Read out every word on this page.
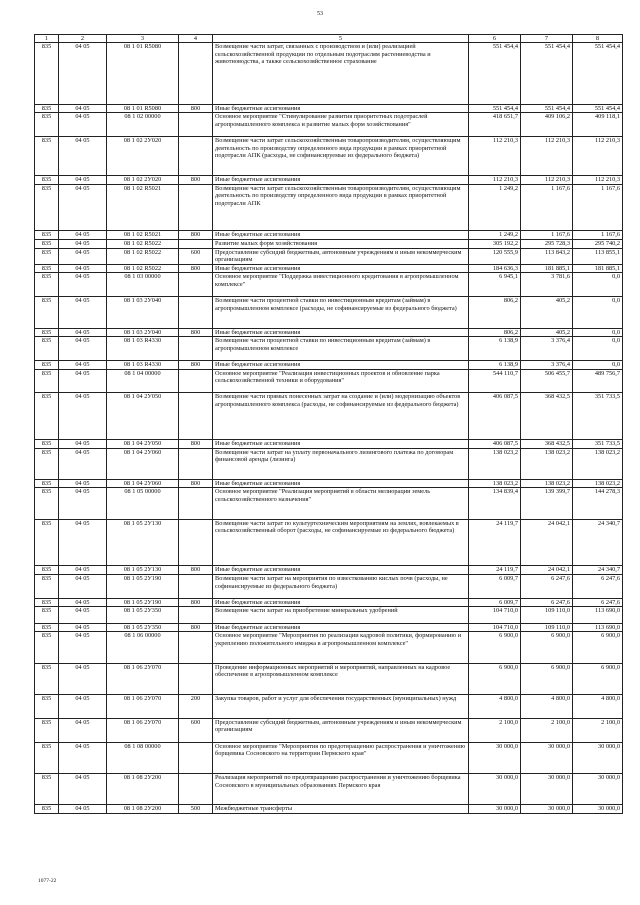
53
1	2	3	4	5	6	7	8
835	04 05	08 1 01 R5080		Возмещение части затрат, связанных с производством и (или) реализацией сельскохозяйственной продукции по отдельным подотраслям растениеводства и животноводства, а также сельскохозяйственное страхование	551 454,4	551 454,4	551 454,4
835	04 05	08 1 01 R5080	800	Иные бюджетные ассигнования	551 454,4	551 454,4	551 454,4
835	04 05	08 1 02 00000		Основное мероприятие "Стимулирование развития приоритетных подотраслей агропромышленного комплекса и развитие малых форм хозяйствования"	418 651,7	409 106,2	409 118,1
835	04 05	08 1 02 2У020		Возмещение части затрат сельскохозяйственным товаропроизводителям, осуществляющим деятельность по производству определенного вида продукции в рамках приоритетной подотрасли АПК (расходы, не софинансируемые из федерального бюджета)	112 210,3	112 210,3	112 210,3
835	04 05	08 1 02 2У020	800	Иные бюджетные ассигнования	112 210,3	112 210,3	112 210,3
835	04 05	08 1 02 R5021		Возмещение части затрат сельскохозяйственным товаропроизводителям, осуществляющим деятельность по производству определенного вида продукции в рамках приоритетной подотрасли АПК	1 249,2	1 167,6	1 167,6
835	04 05	08 1 02 R5021	800	Иные бюджетные ассигнования	1 249,2	1 167,6	1 167,6
835	04 05	08 1 02 R5022		Развитие малых форм хозяйствования	305 192,2	295 728,3	295 740,2
835	04 05	08 1 02 R5022	600	Предоставление субсидий бюджетным, автономным учреждениям и иным некоммерческим организациям	120 555,9	113 843,2	113 855,1
835	04 05	08 1 02 R5022	800	Иные бюджетные ассигнования	184 636,3	181 885,1	181 885,1
835	04 05	08 1 03 00000		Основное мероприятие "Поддержка инвестиционного кредитования в агропромышленном комплексе"	6 945,1	3 781,6	0,0
835	04 05	08 1 03 2У040		Возмещение части процентной ставки по инвестиционным кредитам (займам) в агропромышленном комплексе (расходы, не софинансируемые из федерального бюджета)	806,2	405,2	0,0
835	04 05	08 1 03 2У040	800	Иные бюджетные ассигнования	806,2	405,2	0,0
835	04 05	08 1 03 R4330		Возмещение части процентной ставки по инвестиционным кредитам (займам) в агропромышленном комплексе	6 138,9	3 376,4	0,0
835	04 05	08 1 03 R4330	800	Иные бюджетные ассигнования	6 138,9	3 376,4	0,0
835	04 05	08 1 04 00000		Основное мероприятие "Реализация инвестиционных проектов и обновление парка сельскохозяйственной техники и оборудования"	544 110,7	506 455,7	489 756,7
835	04 05	08 1 04 2У050		Возмещение части прямых понесенных затрат на создание и (или) модернизацию объектов агропромышленного комплекса (расходы, не софинансируемые из федерального бюджета)	406 087,5	368 432,5	351 733,5
835	04 05	08 1 04 2У050	800	Иные бюджетные ассигнования	406 087,5	368 432,5	351 733,5
835	04 05	08 1 04 2У060		Возмещение части затрат на уплату первоначального лизингового платежа по договорам финансовой аренды (лизинга)	138 023,2	138 023,2	138 023,2
835	04 05	08 1 04 2У060	800	Иные бюджетные ассигнования	138 023,2	138 023,2	138 023,2
835	04 05	08 1 05 00000		Основное мероприятие "Реализация мероприятий в области мелиорации земель сельскохозяйственного назначения"	134 839,4	139 399,7	144 278,3
835	04 05	08 1 05 2У130		Возмещение части затрат по культуртехническим мероприятиям на землях, вовлекаемых в сельскохозяйственный оборот (расходы, не софинансируемые из федерального бюджета)	24 119,7	24 042,1	24 340,7
835	04 05	08 1 05 2У130	800	Иные бюджетные ассигнования	24 119,7	24 042,1	24 340,7
835	04 05	08 1 05 2У190		Возмещение части затрат на мероприятия по известкованию кислых почв (расходы, не софинансируемые из федерального бюджета)	6 009,7	6 247,6	6 247,6
835	04 05	08 1 05 2У190	800	Иные бюджетные ассигнования	6 009,7	6 247,6	6 247,6
835	04 05	08 1 05 2У350		Возмещение части затрат на приобретение минеральных удобрений	104 710,0	109 110,0	113 690,0
835	04 05	08 1 05 2У350	800	Иные бюджетные ассигнования	104 710,0	109 110,0	113 690,0
835	04 05	08 1 06 00000		Основное мероприятие "Мероприятия по реализации кадровой политики, формированию и укреплению положительного имиджа в агропромышленном комплексе"	6 900,0	6 900,0	6 900,0
835	04 05	08 1 06 2У070		Проведение информационных мероприятий и мероприятий, направленных на кадровое обеспечение в агропромышленном комплексе	6 900,0	6 900,0	6 900,0
835	04 05	08 1 06 2У070	200	Закупка товаров, работ и услуг для обеспечения государственных (муниципальных) нужд	4 800,0	4 800,0	4 800,0
835	04 05	08 1 06 2У070	600	Предоставление субсидий бюджетным, автономным учреждениям и иным некоммерческим организациям	2 100,0	2 100,0	2 100,0
835	04 05	08 1 08 00000		Основное мероприятие "Мероприятия по предотвращению распространения и уничтожению борщевика Сосновского на территории Пермского края"	30 000,0	30 000,0	30 000,0
835	04 05	08 1 08 2У200		Реализация мероприятий по предотвращению распространения и уничтожению борщевика Сосновского в муниципальных образованиях Пермского края	30 000,0	30 000,0	30 000,0
835	04 05	08 1 08 2У200	500	Межбюджетные трансферты	30 000,0	30 000,0	30 000,0
1077-22
